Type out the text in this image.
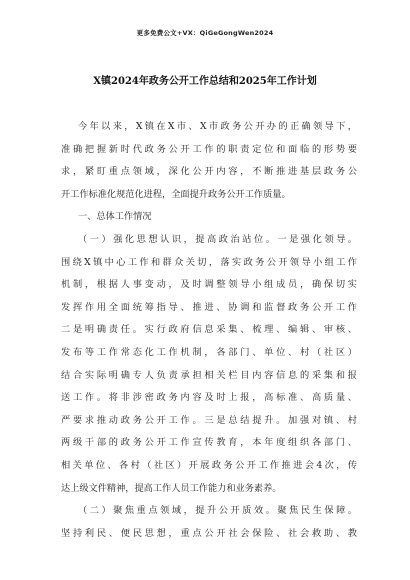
更多免费公文+VX：QiGeGongWen2024
X镇2024年政务公开工作总结和2025年工作计划
今年以来，X镇在X市、X市政务公开办的正确领导下，
准确把握新时代政务公开工作的职责定位和面临的形势要
求，紧盯重点领域，深化公开内容，不断推进基层政务公
开工作标准化规范化进程，全面提升政务公开工作质量。
一、总体工作情况
（一）强化思想认识，提高政治站位。一是强化领导。
围绕X镇中心工作和群众关切，落实政务公开领导小组工作
机制，根据人事变动，及时调整领导小组成员，确保切实
发挥作用全面统筹指导、推进、协调和监督政务公开工作
二是明确责任。实行政府信息采集、梳理、编辑、审核、
发布等工作常态化工作机制，各部门、单位、村（社区）
结合实际明确专人负责承担相关栏目内容信息的采集和报
送工作。将非涉密政务内容及时上报，高标准、高质量、
严要求推动政务公开工作。三是总结提升。加强对镇、村
两级干部的政务公开工作宣传教育，本年度组织各部门、
相关单位、各村（社区）开展政务公开工作推进会4次，传
达上级文件精神，提高工作人员工作能力和业务素养。
（二）聚焦重点领域，提升公开质效。聚焦民生保障。
坚持利民、便民思想，重点公开社会保险、社会救助、教
